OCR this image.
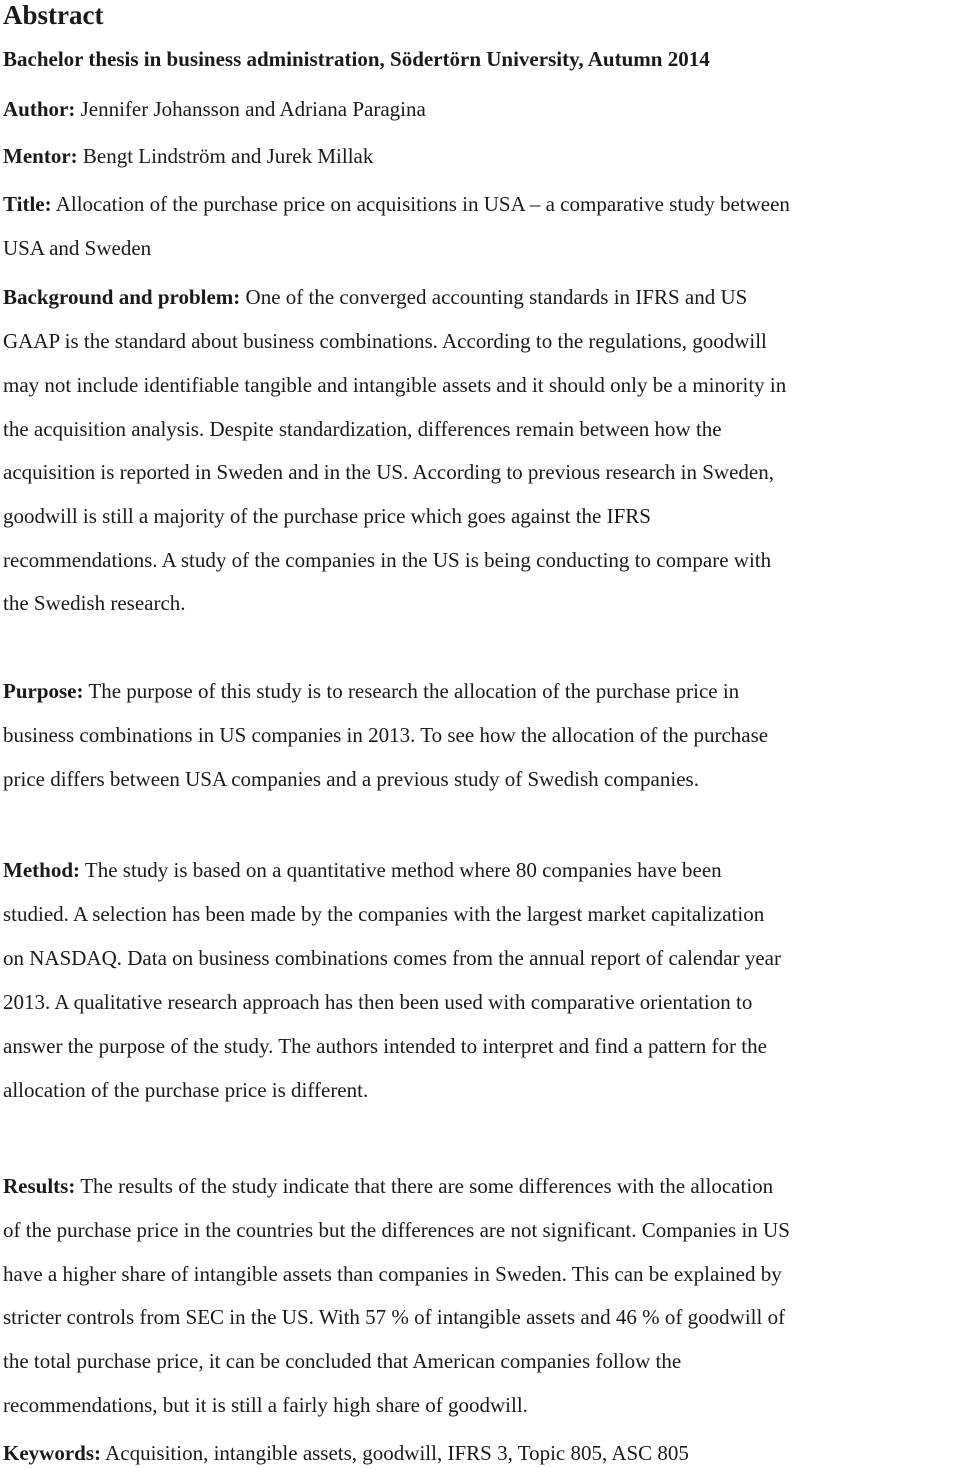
Abstract
Bachelor thesis in business administration, Södertörn University, Autumn 2014
Author: Jennifer Johansson and Adriana Paragina
Mentor: Bengt Lindström and Jurek Millak
Title: Allocation of the purchase price on acquisitions in USA – a comparative study between
USA and Sweden
Background and problem: One of the converged accounting standards in IFRS and US
GAAP is the standard about business combinations. According to the regulations, goodwill
may not include identifiable tangible and intangible assets and it should only be a minority in
the acquisition analysis. Despite standardization, differences remain between how the
acquisition is reported in Sweden and in the US. According to previous research in Sweden,
goodwill is still a majority of the purchase price which goes against the IFRS
recommendations. A study of the companies in the US is being conducting to compare with
the Swedish research.
Purpose: The purpose of this study is to research the allocation of the purchase price in
business combinations in US companies in 2013. To see how the allocation of the purchase
price differs between USA companies and a previous study of Swedish companies.
Method: The study is based on a quantitative method where 80 companies have been
studied. A selection has been made by the companies with the largest market capitalization
on NASDAQ. Data on business combinations comes from the annual report of calendar year
2013. A qualitative research approach has then been used with comparative orientation to
answer the purpose of the study. The authors intended to interpret and find a pattern for the
allocation of the purchase price is different.
Results: The results of the study indicate that there are some differences with the allocation
of the purchase price in the countries but the differences are not significant. Companies in US
have a higher share of intangible assets than companies in Sweden. This can be explained by
stricter controls from SEC in the US. With 57 % of intangible assets and 46 % of goodwill of
the total purchase price, it can be concluded that American companies follow the
recommendations, but it is still a fairly high share of goodwill.
Keywords: Acquisition, intangible assets, goodwill, IFRS 3, Topic 805, ASC 805
